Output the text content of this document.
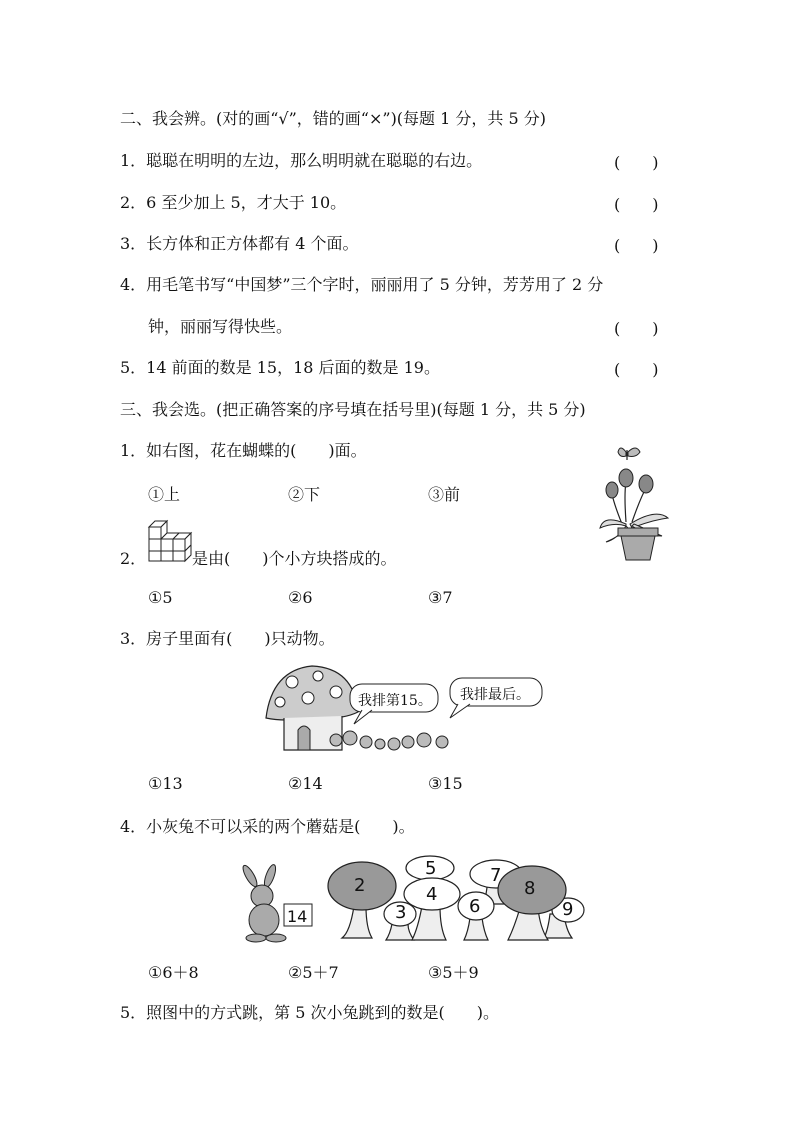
二、我会辨。(对的画“√”，错的画“×”)(每题 1 分，共 5 分)
1．聪聪在明明的左边，那么明明就在聪聪的右边。	(　　)
2．6 至少加上 5，才大于 10。	(　　)
3．长方体和正方体都有 4 个面。	(　　)
4．用毛笔书写“中国梦”三个字时，丽丽用了 5 分钟，芳芳用了 2 分
钟，丽丽写得快些。	(　　)
5．14 前面的数是 15，18 后面的数是 19。	(　　)
三、我会选。(把正确答案的序号填在括号里)(每题 1 分，共 5 分)
1．如右图，花在蝴蝶的(　　)面。
①上	②下	③前
2．	是由(　　)个小方块搭成的。
①5	②6	③7
3．房子里面有(　　)只动物。
我排第15。 我排最后。
①13	②14	③15
4．小灰兔不可以采的两个蘑菇是(　　)。
14
2
5
4
3
7
8
6	9
①6＋8	②5＋7	③5＋9
5．照图中的方式跳，第 5 次小兔跳到的数是(　　)。
